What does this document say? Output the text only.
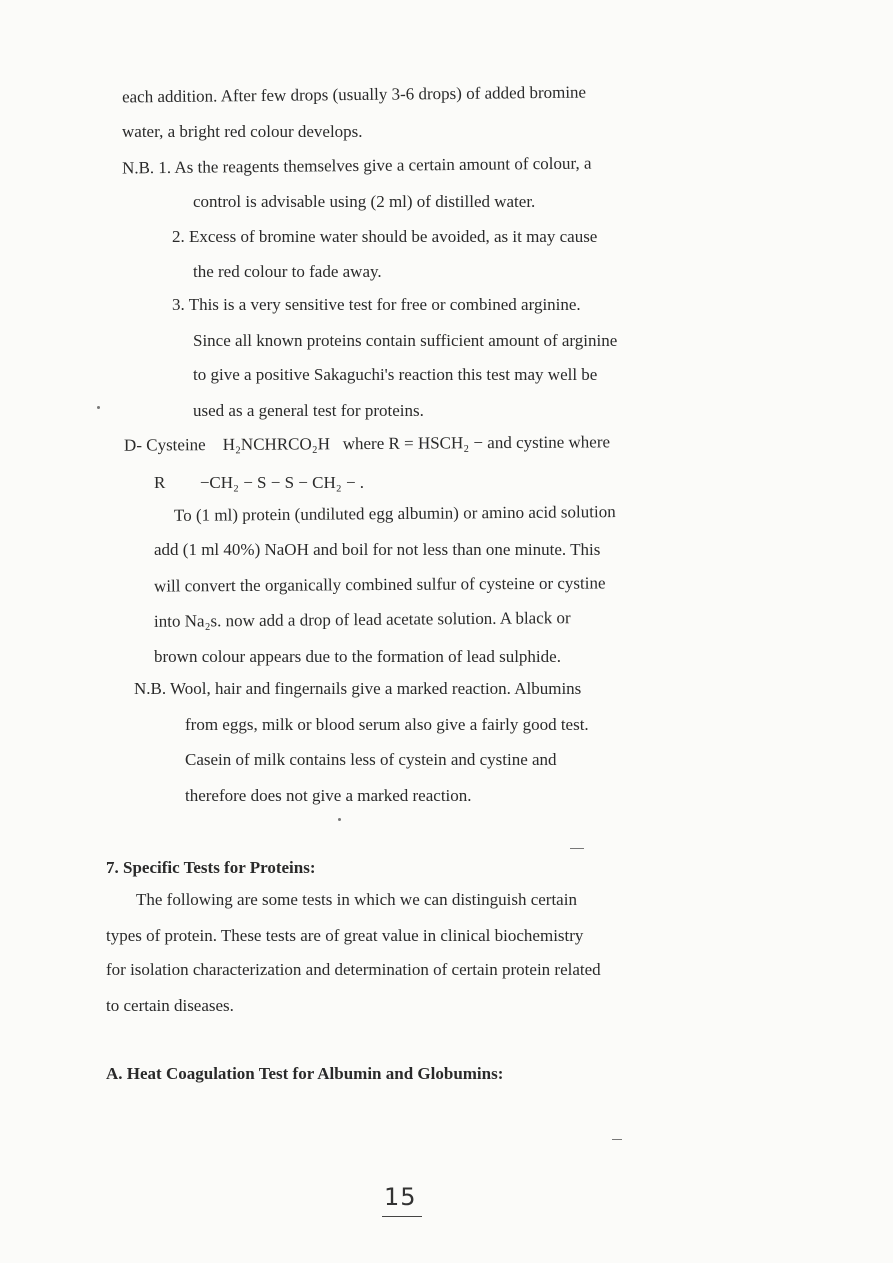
each addition. After few drops (usually 3-6 drops) of added bromine
water, a bright red colour develops.
N.B. 1. As the reagents themselves give a certain amount of colour, a
control is advisable using (2 ml) of distilled water.
2. Excess of bromine water should be avoided, as it may cause
the red colour to fade away.
3. This is a very sensitive test for free or combined arginine.
Since all known proteins contain sufficient amount of arginine
to give a positive Sakaguchi's reaction this test may well be
used as a general test for proteins.
D- Cysteine H₂NCHRCO₂H where R = HSCH₂ − and cystine where
R −CH₂ − S − S − CH₂ − .
To (1 ml) protein (undiluted egg albumin) or amino acid solution
add (1 ml 40%) NaOH and boil for not less than one minute. This
will convert the organically combined sulfur of cysteine or cystine
into Na₂s. now add a drop of lead acetate solution. A black or
brown colour appears due to the formation of lead sulphide.
N.B. Wool, hair and fingernails give a marked reaction. Albumins
from eggs, milk or blood serum also give a fairly good test.
Casein of milk contains less of cystein and cystine and
therefore does not give a marked reaction.
7. Specific Tests for Proteins:
The following are some tests in which we can distinguish certain
types of protein. These tests are of great value in clinical biochemistry
for isolation characterization and determination of certain protein related
to certain diseases.
A. Heat Coagulation Test for Albumin and Globumins:
15
